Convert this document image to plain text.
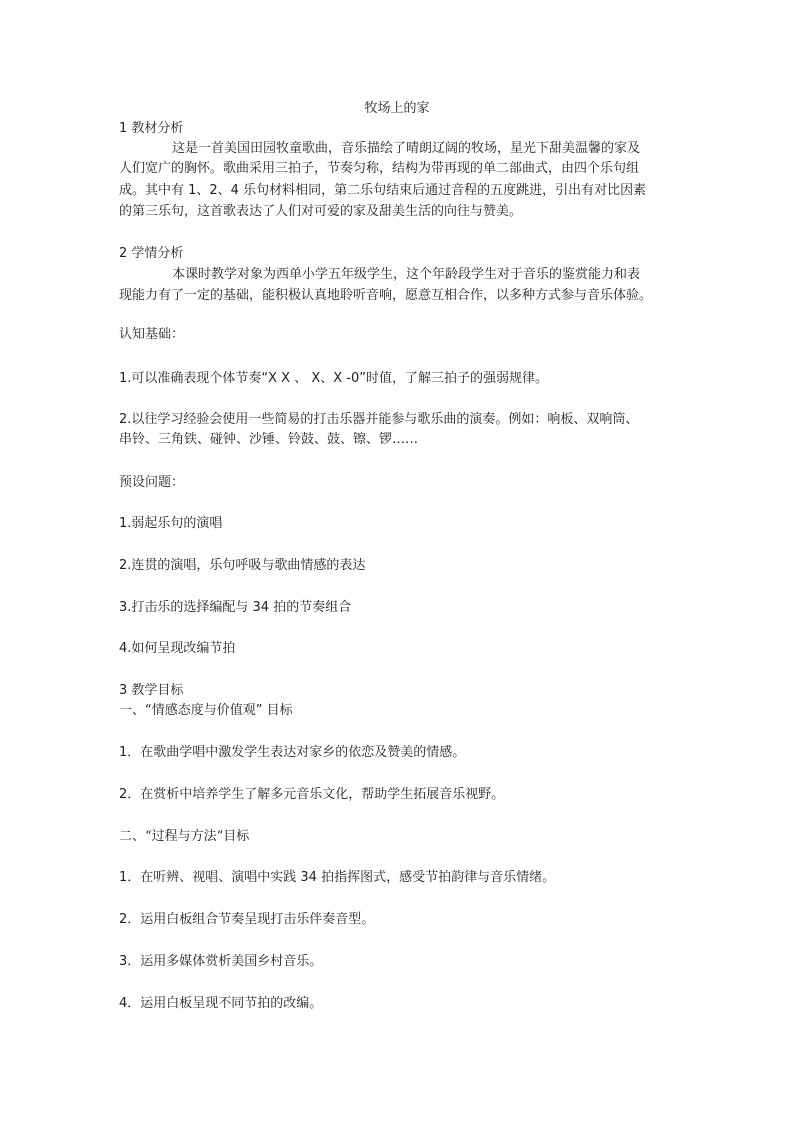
牧场上的家

1 教材分析

这是一首美国田园牧童歌曲，音乐描绘了晴朗辽阔的牧场，星光下甜美温馨的家及

人们宽广的胸怀。歌曲采用三拍子，节奏匀称，结构为带再现的单二部曲式，由四个乐句组

成。其中有 1、2、4 乐句材料相同，第二乐句结束后通过音程的五度跳进，引出有对比因素

的第三乐句，这首歌表达了人们对可爱的家及甜美生活的向往与赞美。

2 学情分析

本课时教学对象为西单小学五年级学生，这个年龄段学生对于音乐的鉴赏能力和表

现能力有了一定的基础，能积极认真地聆听音响，愿意互相合作，以多种方式参与音乐体验。

认知基础：

1.可以准确表现个体节奏“X X 、 X、X -0”时值，了解三拍子的强弱规律。

2.以往学习经验会使用一些简易的打击乐器并能参与歌乐曲的演奏。例如：响板、双响筒、

串铃、三角铁、碰钟、沙锤、铃鼓、鼓、镲、锣……

预设问题：

1.弱起乐句的演唱

2.连贯的演唱，乐句呼吸与歌曲情感的表达

3.打击乐的选择编配与 34 拍的节奏组合

4.如何呈现改编节拍

3 教学目标

一、“情感态度与价值观” 目标

1．在歌曲学唱中激发学生表达对家乡的依恋及赞美的情感。

2．在赏析中培养学生了解多元音乐文化，帮助学生拓展音乐视野。

二、“过程与方法”目标

1．在听辨、视唱、演唱中实践 34 拍指挥图式，感受节拍韵律与音乐情绪。

2．运用白板组合节奏呈现打击乐伴奏音型。

3．运用多媒体赏析美国乡村音乐。

4．运用白板呈现不同节拍的改编。
